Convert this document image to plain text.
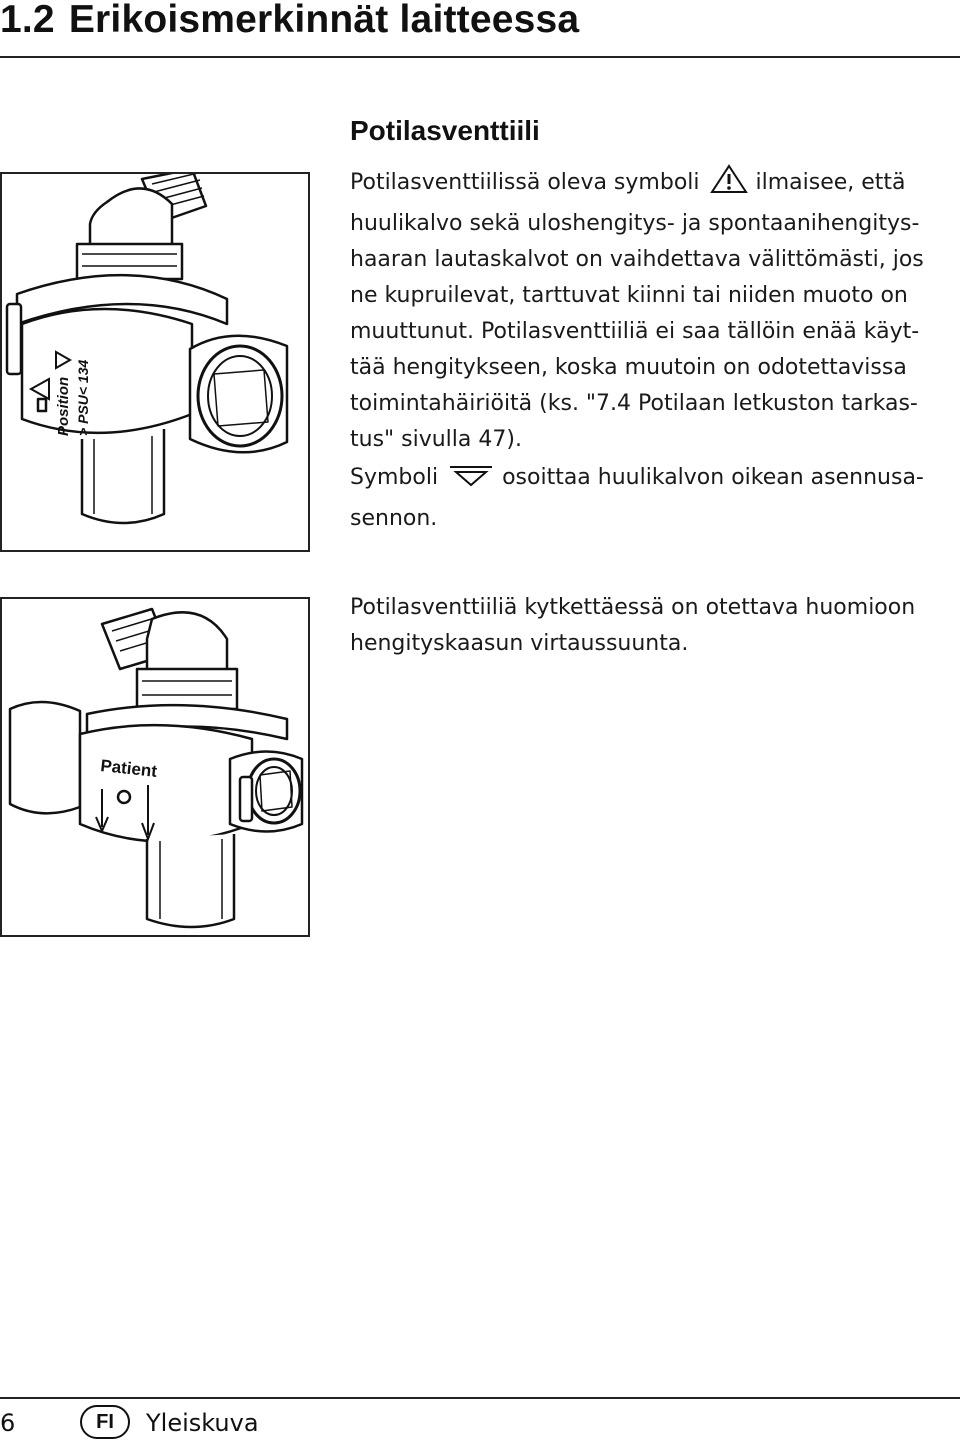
1.2 Erikoismerkinnät laitteessa
Position > PSU< 134
Patient
Potilasventtiili

Potilasventtiilissä oleva symboli	ilmaisee, että
huulikalvo sekä uloshengitys- ja spontaanihengitys-
haaran lautaskalvot on vaihdettava välittömästi, jos
ne kupruilevat, tarttuvat kiinni tai niiden muoto on
muuttunut. Potilasventtiiliä ei saa tällöin enää käyt-
tää hengitykseen, koska muutoin on odotettavissa
toimintahäiriöitä (ks. "7.4 Potilaan letkuston tarkas-
tus" sivulla 47).

Symboli	osoittaa huulikalvon oikean asennusa-
sennon.

Potilasventtiiliä kytkettäessä on otettava huomioon
hengityskaasun virtaussuunta.

6	FI	Yleiskuva
